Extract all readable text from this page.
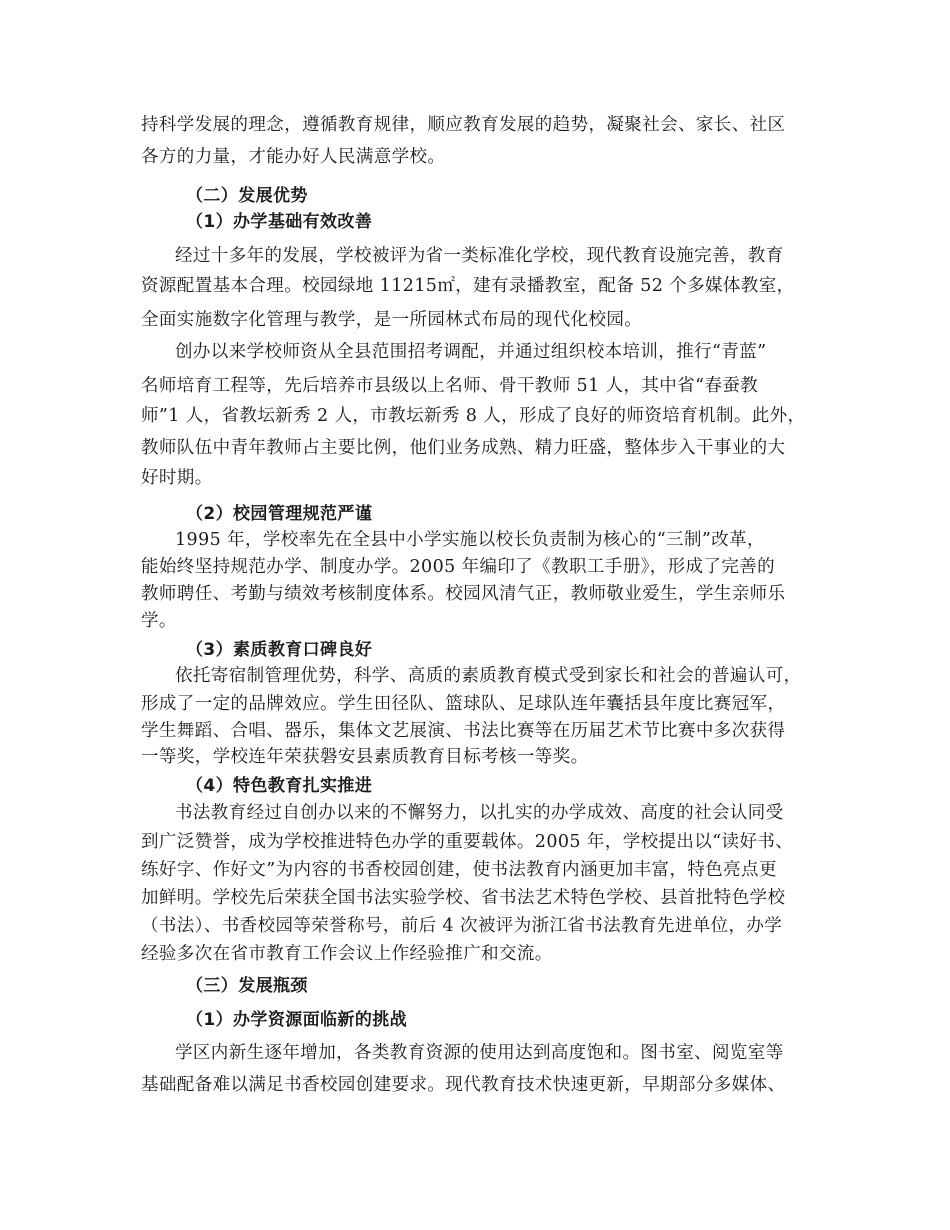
持科学发展的理念，遵循教育规律，顺应教育发展的趋势，凝聚社会、家长、社区
各方的力量，才能办好人民满意学校。
（二）发展优势
（1）办学基础有效改善
经过十多年的发展，学校被评为省一类标准化学校，现代教育设施完善，教育
资源配置基本合理。校园绿地 11215㎡，建有录播教室，配备 52 个多媒体教室，
全面实施数字化管理与教学，是一所园林式布局的现代化校园。
创办以来学校师资从全县范围招考调配，并通过组织校本培训，推行“青蓝”
名师培育工程等，先后培养市县级以上名师、骨干教师 51 人，其中省“春蚕教
师”1 人，省教坛新秀 2 人，市教坛新秀 8 人，形成了良好的师资培育机制。此外，
教师队伍中青年教师占主要比例，他们业务成熟、精力旺盛，整体步入干事业的大
好时期。
（2）校园管理规范严谨
1995 年，学校率先在全县中小学实施以校长负责制为核心的“三制”改革，
能始终坚持规范办学、制度办学。2005 年编印了《教职工手册》，形成了完善的
教师聘任、考勤与绩效考核制度体系。校园风清气正，教师敬业爱生，学生亲师乐
学。
（3）素质教育口碑良好
依托寄宿制管理优势，科学、高质的素质教育模式受到家长和社会的普遍认可，
形成了一定的品牌效应。学生田径队、篮球队、足球队连年囊括县年度比赛冠军，
学生舞蹈、合唱、器乐，集体文艺展演、书法比赛等在历届艺术节比赛中多次获得
一等奖，学校连年荣获磐安县素质教育目标考核一等奖。
（4）特色教育扎实推进
书法教育经过自创办以来的不懈努力，以扎实的办学成效、高度的社会认同受
到广泛赞誉，成为学校推进特色办学的重要载体。2005 年，学校提出以“读好书、
练好字、作好文”为内容的书香校园创建，使书法教育内涵更加丰富，特色亮点更
加鲜明。学校先后荣获全国书法实验学校、省书法艺术特色学校、县首批特色学校
（书法）、书香校园等荣誉称号，前后 4 次被评为浙江省书法教育先进单位，办学
经验多次在省市教育工作会议上作经验推广和交流。
（三）发展瓶颈
（1）办学资源面临新的挑战
学区内新生逐年增加，各类教育资源的使用达到高度饱和。图书室、阅览室等
基础配备难以满足书香校园创建要求。现代教育技术快速更新，早期部分多媒体、
